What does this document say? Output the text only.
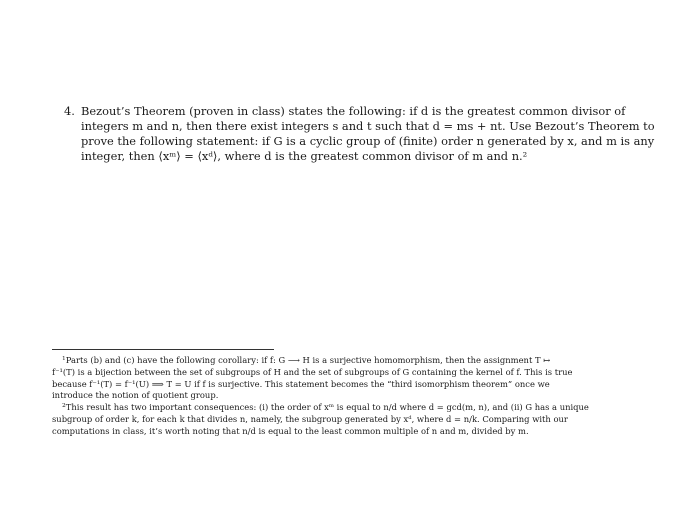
4. Bezout’s Theorem (proven in class) states the following: if d is the greatest common divisor of
integers m and n, then there exist integers s and t such that d = ms + nt. Use Bezout’s Theorem to
prove the following statement: if G is a cyclic group of (finite) order n generated by x, and m is any
integer, then ⟨xᵐ⟩ = ⟨xᵈ⟩, where d is the greatest common divisor of m and n.²
$^1$Parts (b) and (c) have the following corollary: if f: G ⟶ H is a surjective homomorphism, then the assignment T ↦
f⁻¹(T) is a bijection between the set of subgroups of H and the set of subgroups of G containing the kernel of f. This is true
because f⁻¹(T) = f⁻¹(U) ⟹ T = U if f is surjective. This statement becomes the “third isomorphism theorem” once we
introduce the notion of quotient group.
$^2$This result has two important consequences: (i) the order of xᵐ is equal to n/d where d = gcd(m, n), and (ii) G has a unique
subgroup of order k, for each k that divides n, namely, the subgroup generated by xᵈ, where d = n/k. Comparing with our
computations in class, it’s worth noting that n/d is equal to the least common multiple of n and m, divided by m.
